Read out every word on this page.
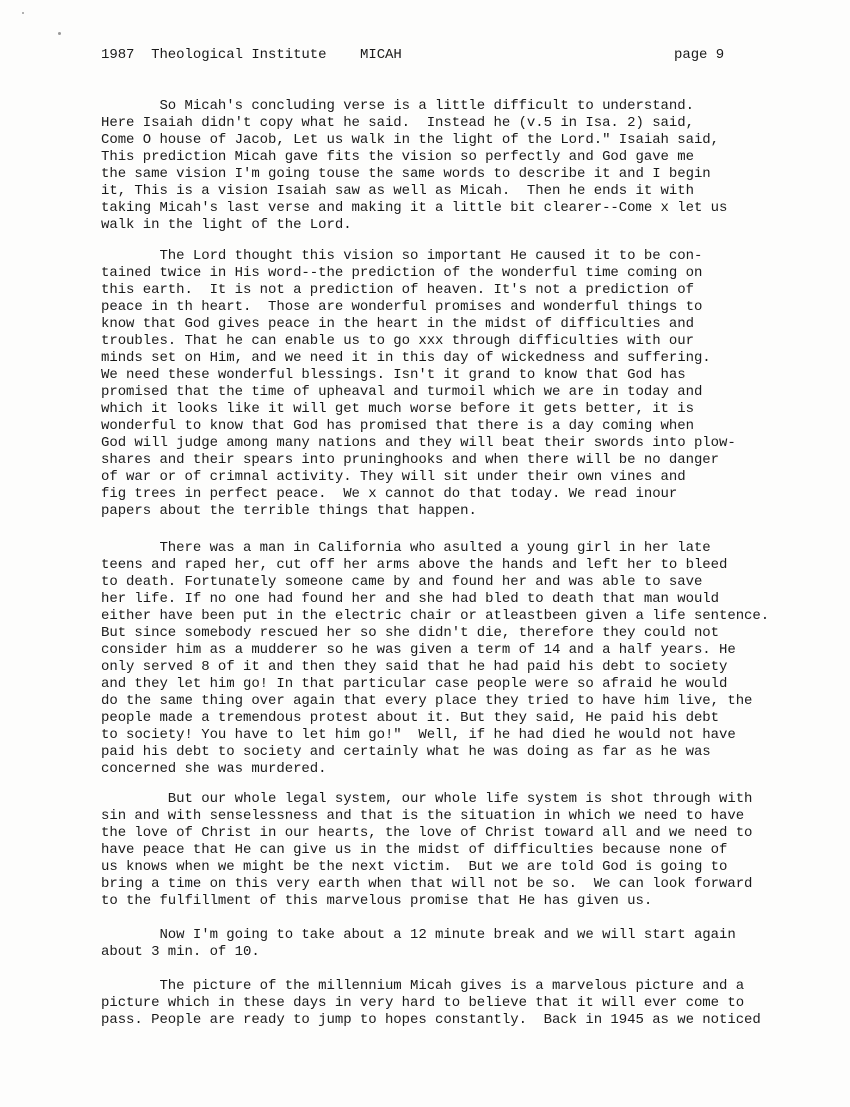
1987  Theological Institute

MICAH

	page 9

So Micah's concluding verse is a little difficult to understand.
Here Isaiah didn't copy what he said.  Instead he (v.5 in Isa. 2) said,
Come O house of Jacob, Let us walk in the light of the Lord." Isaiah said,
This prediction Micah gave fits the vision so perfectly and God gave me
the same vision I'm going touse the same words to describe it and I begin
it, This is a vision Isaiah saw as well as Micah.  Then he ends it with
taking Micah's last verse and making it a little bit clearer--Come x let us
walk in the light of the Lord.
The Lord thought this vision so important He caused it to be con-
tained twice in His word--the prediction of the wonderful time coming on
this earth.  It is not a prediction of heaven. It's not a prediction of
peace in th heart.  Those are wonderful promises and wonderful things to
know that God gives peace in the heart in the midst of difficulties and
troubles. That he can enable us to go xxx through difficulties with our
minds set on Him, and we need it in this day of wickedness and suffering.
We need these wonderful blessings. Isn't it grand to know that God has
promised that the time of upheaval and turmoil which we are in today and
which it looks like it will get much worse before it gets better, it is
wonderful to know that God has promised that there is a day coming when
God will judge among many nations and they will beat their swords into plow-
shares and their spears into pruninghooks and when there will be no danger
of war or of crimnal activity. They will sit under their own vines and
fig trees in perfect peace.  We x cannot do that today. We read inour
papers about the terrible things that happen.
There was a man in California who asulted a young girl in her late
teens and raped her, cut off her arms above the hands and left her to bleed
to death. Fortunately someone came by and found her and was able to save
her life. If no one had found her and she had bled to death that man would
either have been put in the electric chair or atleastbeen given a life sentence.
But since somebody rescued her so she didn't die, therefore they could not
consider him as a mudderer so he was given a term of 14 and a half years. He
only served 8 of it and then they said that he had paid his debt to society
and they let him go! In that particular case people were so afraid he would
do the same thing over again that every place they tried to have him live, the
people made a tremendous protest about it. But they said, He paid his debt
to society! You have to let him go!"  Well, if he had died he would not have
paid his debt to society and certainly what he was doing as far as he was
concerned she was murdered.
But our whole legal system, our whole life system is shot through with
sin and with senselessness and that is the situation in which we need to have
the love of Christ in our hearts, the love of Christ toward all and we need to
have peace that He can give us in the midst of difficulties because none of
us knows when we might be the next victim.  But we are told God is going to
bring a time on this very earth when that will not be so.  We can look forward
to the fulfillment of this marvelous promise that He has given us.
Now I'm going to take about a 12 minute break and we will start again
about 3 min. of 10.
The picture of the millennium Micah gives is a marvelous picture and a
picture which in these days in very hard to believe that it will ever come to
pass. People are ready to jump to hopes constantly.  Back in 1945 as we noticed
